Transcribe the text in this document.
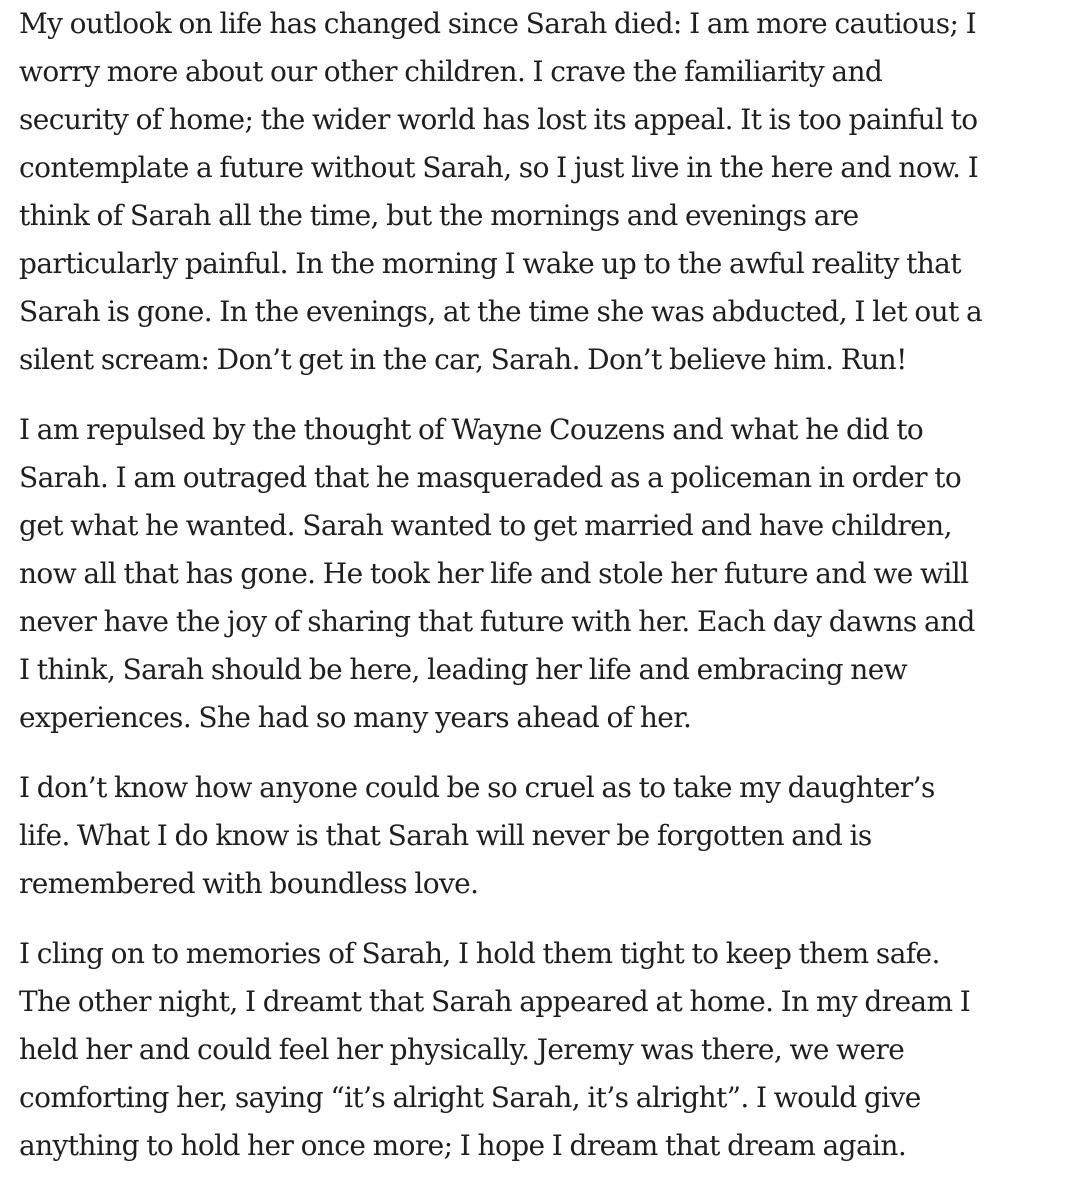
My outlook on life has changed since Sarah died: I am more cautious; I
worry more about our other children. I crave the familiarity and
security of home; the wider world has lost its appeal. It is too painful to
contemplate a future without Sarah, so I just live in the here and now. I
think of Sarah all the time, but the mornings and evenings are
particularly painful. In the morning I wake up to the awful reality that
Sarah is gone. In the evenings, at the time she was abducted, I let out a
silent scream: Don’t get in the car, Sarah. Don’t believe him. Run!

I am repulsed by the thought of Wayne Couzens and what he did to
Sarah. I am outraged that he masqueraded as a policeman in order to
get what he wanted. Sarah wanted to get married and have children,
now all that has gone. He took her life and stole her future and we will
never have the joy of sharing that future with her. Each day dawns and
I think, Sarah should be here, leading her life and embracing new
experiences. She had so many years ahead of her.

I don’t know how anyone could be so cruel as to take my daughter’s
life. What I do know is that Sarah will never be forgotten and is
remembered with boundless love.

I cling on to memories of Sarah, I hold them tight to keep them safe.
The other night, I dreamt that Sarah appeared at home. In my dream I
held her and could feel her physically. Jeremy was there, we were
comforting her, saying “it’s alright Sarah, it’s alright”. I would give
anything to hold her once more; I hope I dream that dream again.
